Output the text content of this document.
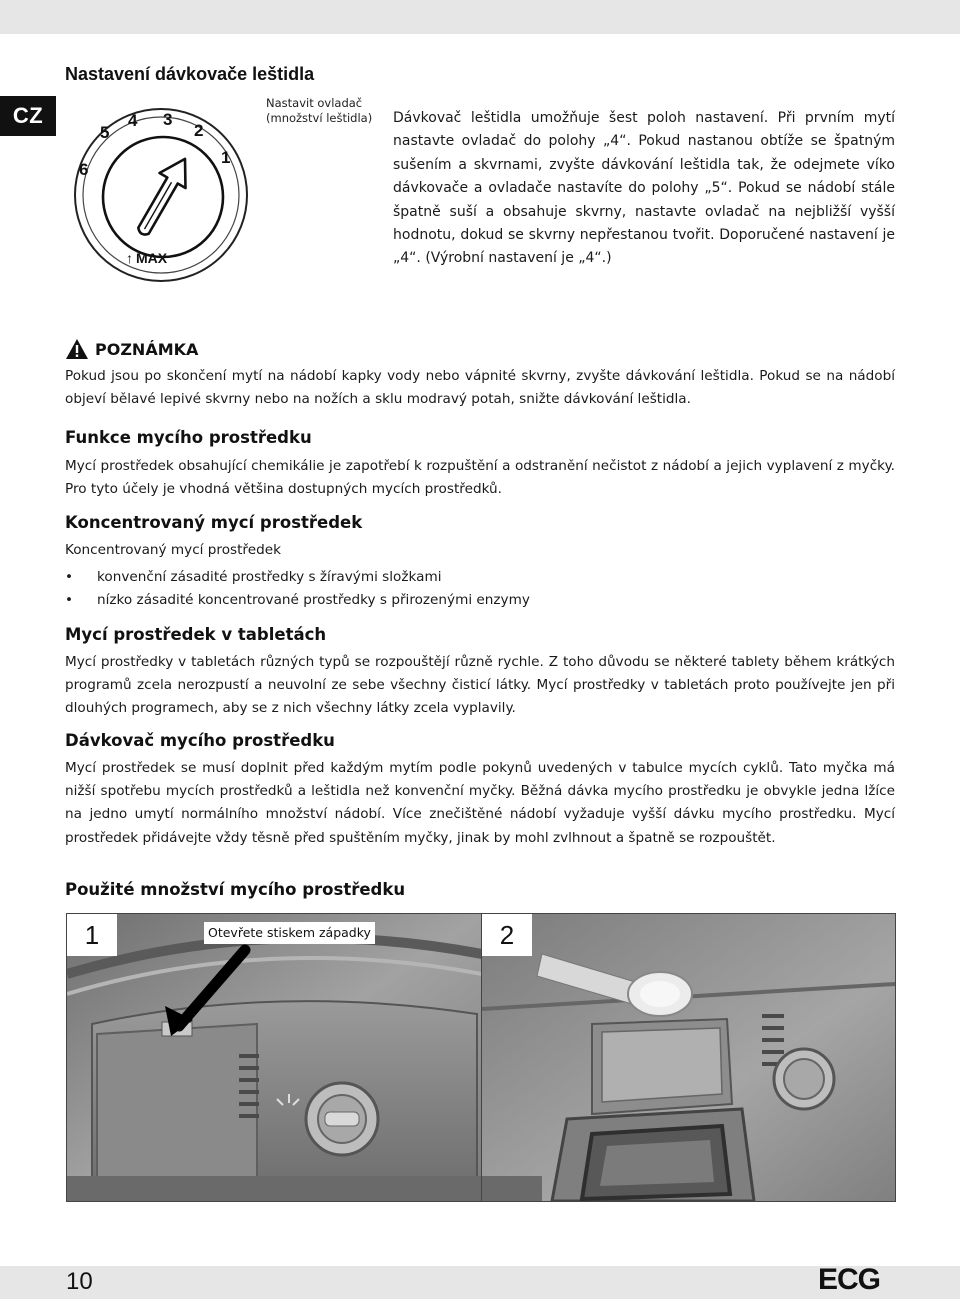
CZ
Nastavení dávkovače leštidla
1
2
3
4
5
6
↑ MAX
Nastavit ovladač
(množství leštidla) Dávkovač leštidla umožňuje šest poloh nastavení. Při prvním mytí nastavte ovladač do polohy „4“. Pokud nastanou obtíže se špatným sušením a skvrnami, zvyšte dávkování leštidla tak, že odejmete víko dávkovače a ovladače nastavíte do polohy „5“. Pokud se nádobí stále špatně suší a obsahuje skvrny, nastavte ovladač na nejbližší vyšší hodnotu, dokud se skvrny nepřestanou tvořit. Doporučené nastavení je „4“. (Výrobní nastavení je „4“.)
POZNÁMKA
Pokud jsou po skončení mytí na nádobí kapky vody nebo vápnité skvrny, zvyšte dávkování leštidla. Pokud se na nádobí objeví bělavé lepivé skvrny nebo na nožích a sklu modravý potah, snižte dávkování leštidla.
Funkce mycího prostředku
Mycí prostředek obsahující chemikálie je zapotřebí k rozpuštění a odstranění nečistot z nádobí a jejich vyplavení z myčky. Pro tyto účely je vhodná většina dostupných mycích prostředků.
Koncentrovaný mycí prostředek
Koncentrovaný mycí prostředek
• konvenční zásadité prostředky s žíravými složkami
• nízko zásadité koncentrované prostředky s přirozenými enzymy
Mycí prostředek v tabletách
Mycí prostředky v tabletách různých typů se rozpouštějí různě rychle. Z toho důvodu se některé tablety během krátkých programů zcela nerozpustí a neuvolní ze sebe všechny čisticí látky. Mycí prostředky v tabletách proto používejte jen při dlouhých programech, aby se z nich všechny látky zcela vyplavily.
Dávkovač mycího prostředku
Mycí prostředek se musí doplnit před každým mytím podle pokynů uvedených v tabulce mycích cyklů. Tato myčka má nižší spotřebu mycích prostředků a leštidla než konvenční myčky. Běžná dávka mycího prostředku je obvykle jedna lžíce na jedno umytí normálního množství nádobí. Více znečištěné nádobí vyžaduje vyšší dávku mycího prostředku. Mycí prostředek přidávejte vždy těsně před spuštěním myčky, jinak by mohl zvlhnout a špatně se rozpouštět.
Použité množství mycího prostředku
1	Otevřete stiskem západky	2
10	ECG
